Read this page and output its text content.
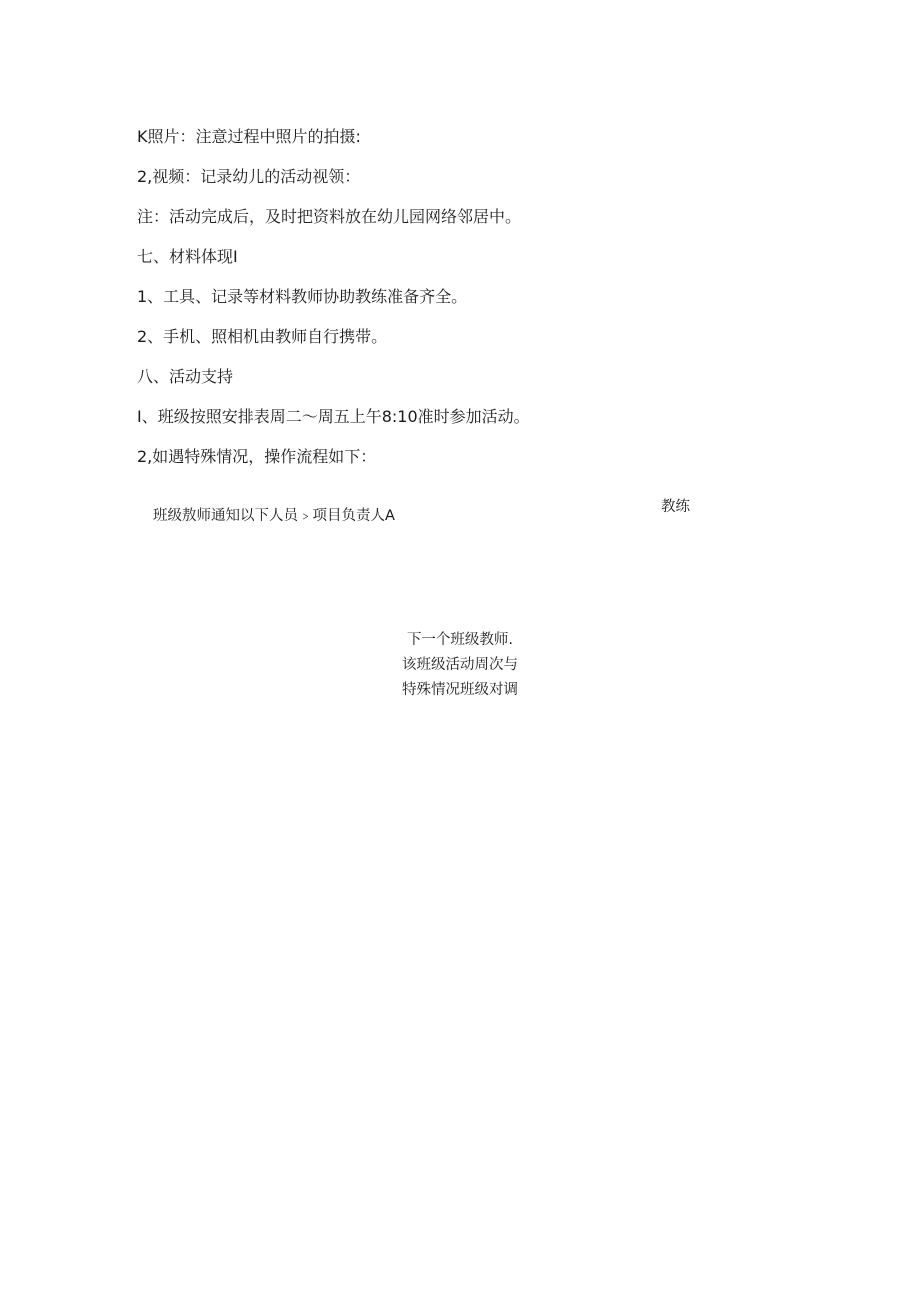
K照片：注意过程中照片的拍摄:
2,视频：记录幼儿的活动视领：
注：活动完成后，及时把资料放在幼儿园网络邻居中。
七、材料体现I
1、工具、记录等材料教师协助教练准备齐全。
2、手机、照相机由教师自行携带。
八、活动支持
I、班级按照安排表周二〜周五上午8:10准时参加活动。
2,如遇特殊情况，操作流程如下：
班级敖师通知以下人员﹥项目负责人A
教练
下一个班级教师.
该班级活动周次与
特殊情况班级对调
